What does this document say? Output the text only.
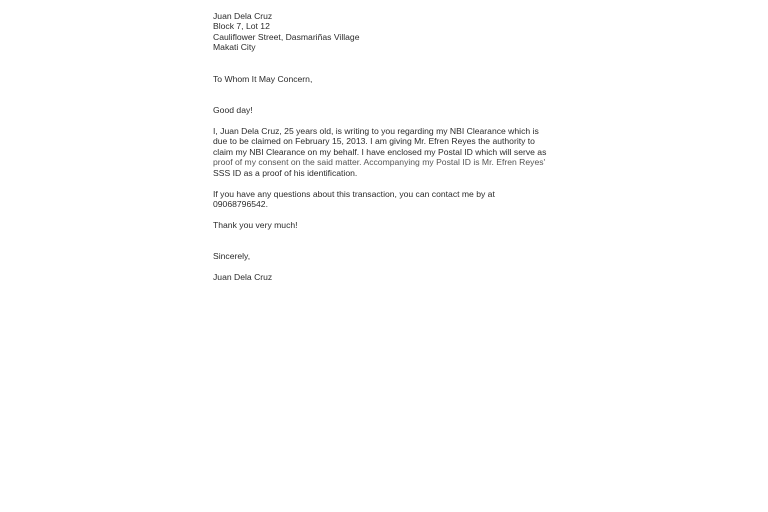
Juan Dela Cruz
Block 7, Lot 12
Cauliflower Street, Dasmariñas Village
Makati City
To Whom It May Concern,
Good day!
I, Juan Dela Cruz, 25 years old, is writing to you regarding my NBI Clearance which is
due to be claimed on February 15, 2013. I am giving Mr. Efren Reyes the authority to
claim my NBI Clearance on my behalf. I have enclosed my Postal ID which will serve as
proof of my consent on the said matter. Accompanying my Postal ID is Mr. Efren Reyes'
SSS ID as a proof of his identification.
If you have any questions about this transaction, you can contact me by at
09068796542.
Thank you very much!
Sincerely,
Juan Dela Cruz
